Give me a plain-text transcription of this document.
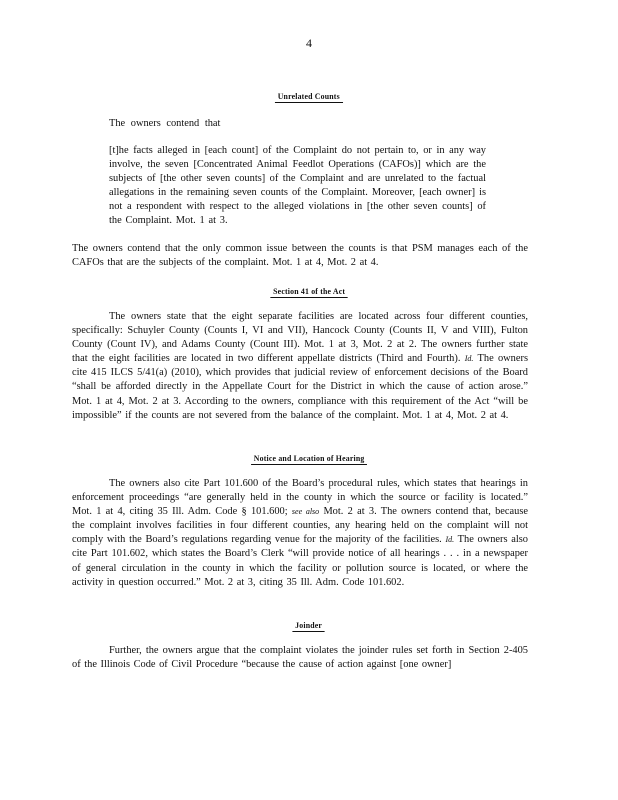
4
Unrelated Counts
The owners contend that
[t]he facts alleged in [each count] of the Complaint do not pertain to, or in any way involve, the seven [Concentrated Animal Feedlot Operations (CAFOs)] which are the subjects of [the other seven counts] of the Complaint and are unrelated to the factual allegations in the remaining seven counts of the Complaint. Moreover, [each owner] is not a respondent with respect to the alleged violations in [the other seven counts] of the Complaint. Mot. 1 at 3.
The owners contend that the only common issue between the counts is that PSM manages each of the CAFOs that are the subjects of the complaint. Mot. 1 at 4, Mot. 2 at 4.
Section 41 of the Act
The owners state that the eight separate facilities are located across four different counties, specifically: Schuyler County (Counts I, VI and VII), Hancock County (Counts II, V and VIII), Fulton County (Count IV), and Adams County (Count III). Mot. 1 at 3, Mot. 2 at 2. The owners further state that the eight facilities are located in two different appellate districts (Third and Fourth). Id. The owners cite 415 ILCS 5/41(a) (2010), which provides that judicial review of enforcement decisions of the Board “shall be afforded directly in the Appellate Court for the District in which the cause of action arose.” Mot. 1 at 4, Mot. 2 at 3. According to the owners, compliance with this requirement of the Act “will be impossible” if the counts are not severed from the balance of the complaint. Mot. 1 at 4, Mot. 2 at 4.
Notice and Location of Hearing
The owners also cite Part 101.600 of the Board’s procedural rules, which states that hearings in enforcement proceedings “are generally held in the county in which the source or facility is located.” Mot. 1 at 4, citing 35 Ill. Adm. Code § 101.600; see also Mot. 2 at 3. The owners contend that, because the complaint involves facilities in four different counties, any hearing held on the complaint will not comply with the Board’s regulations regarding venue for the majority of the facilities. Id. The owners also cite Part 101.602, which states the Board’s Clerk “will provide notice of all hearings . . . in a newspaper of general circulation in the county in which the facility or pollution source is located, or where the activity in question occurred.” Mot. 2 at 3, citing 35 Ill. Adm. Code 101.602.
Joinder
Further, the owners argue that the complaint violates the joinder rules set forth in Section 2-405 of the Illinois Code of Civil Procedure “because the cause of action against [one owner]
